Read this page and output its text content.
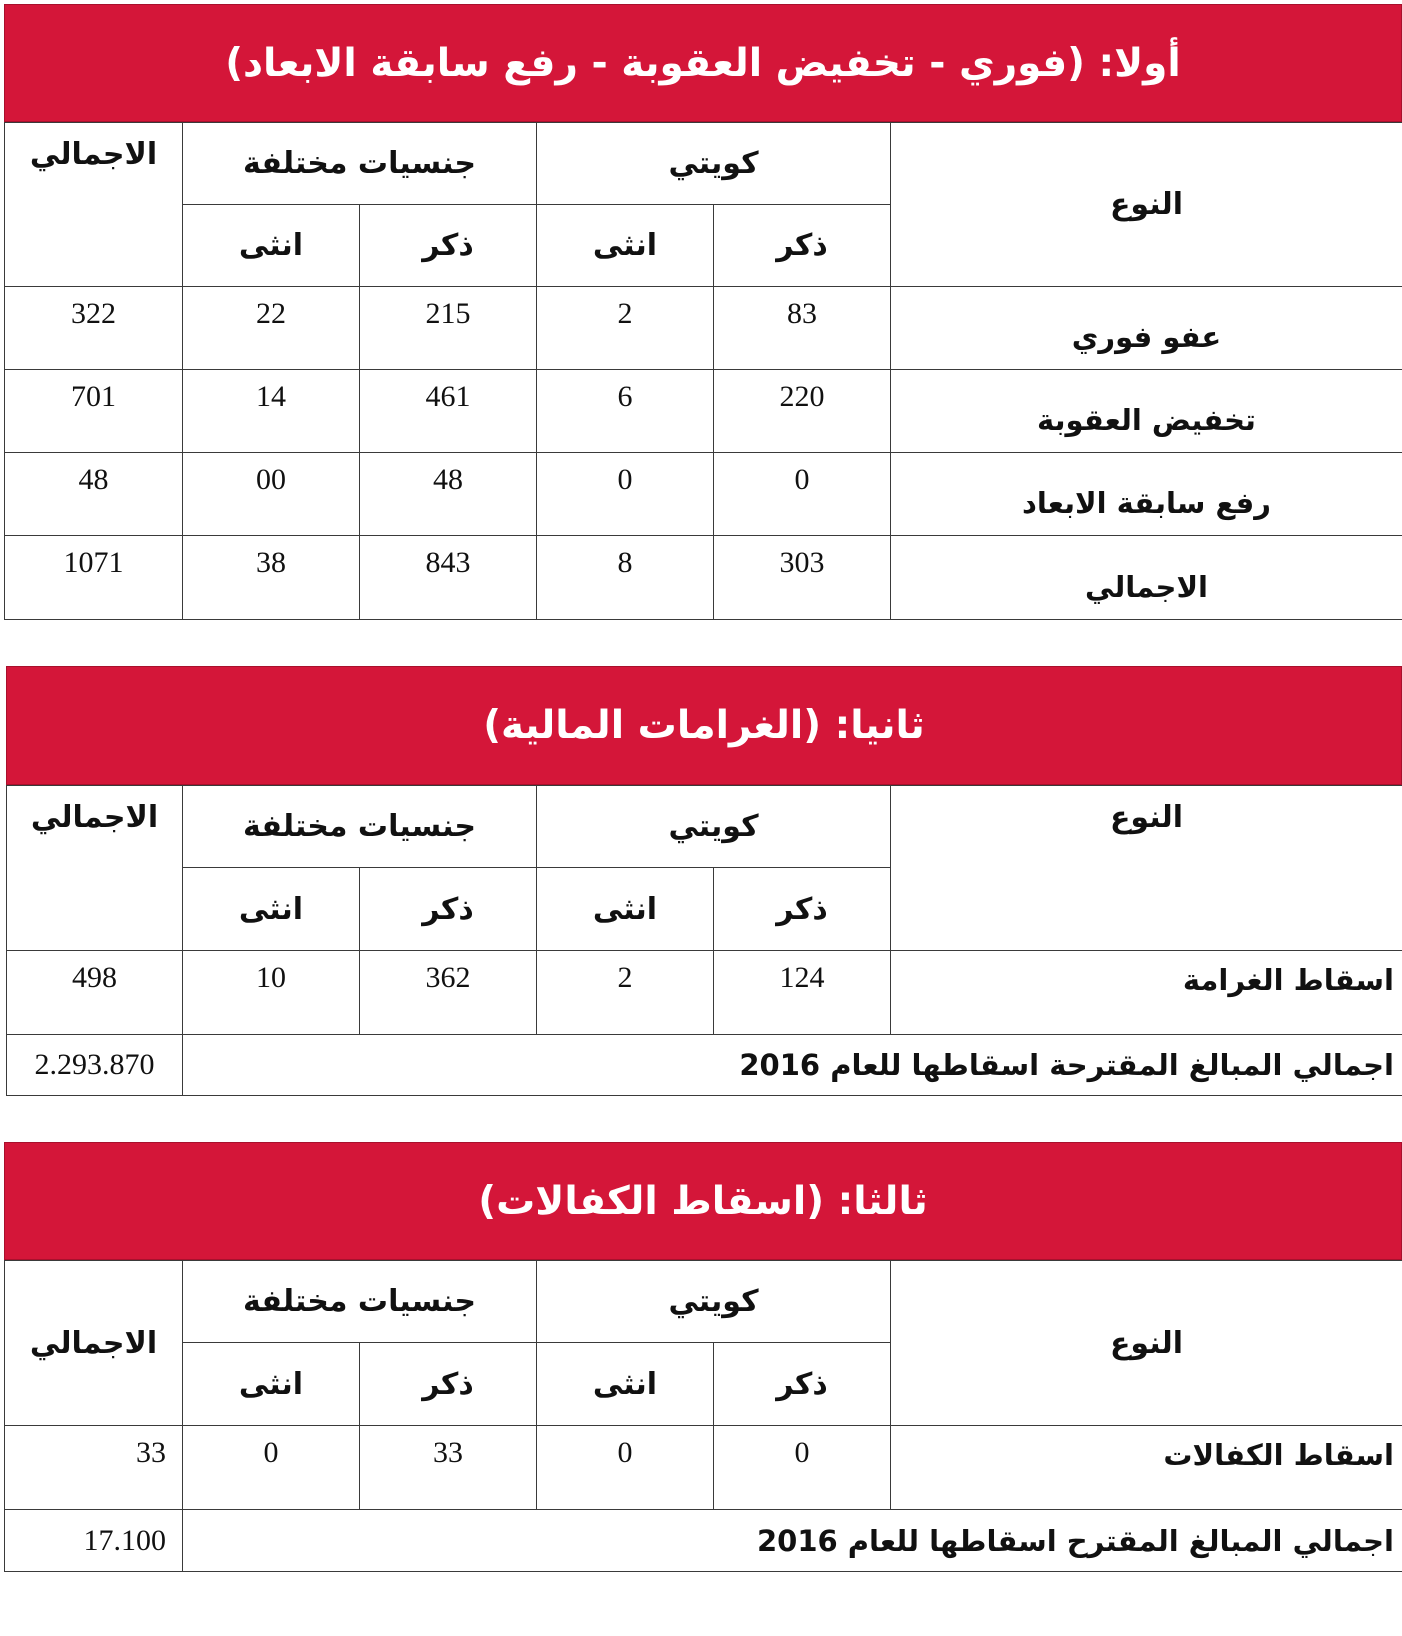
أولا: (فوري - تخفيض العقوبة - رفع سابقة الابعاد)
النوع	كويتي		جنسيات مختلفة		الاجمالي
	ذكر	انثى	ذكر	انثى	
عفو فوري	83	2	215	22	322
تخفيض العقوبة	220	6	461	14	701
رفع سابقة الابعاد	0	0	48	00	48
الاجمالي	303	8	843	38	1071
ثانيا: (الغرامات المالية)
النوع	كويتي		جنسيات مختلفة		الاجمالي
	ذكر	انثى	ذكر	انثى	
اسقاط الغرامة	124	2	362	10	498
اجمالي المبالغ المقترحة اسقاطها للعام 2016					2.293.870
ثالثا: (اسقاط الكفالات)
النوع	كويتي		جنسيات مختلفة		الاجمالي
	ذكر	انثى	ذكر	انثى	
اسقاط الكفالات	0	0	33	0	33
اجمالي المبالغ المقترح اسقاطها للعام 2016					17.100
